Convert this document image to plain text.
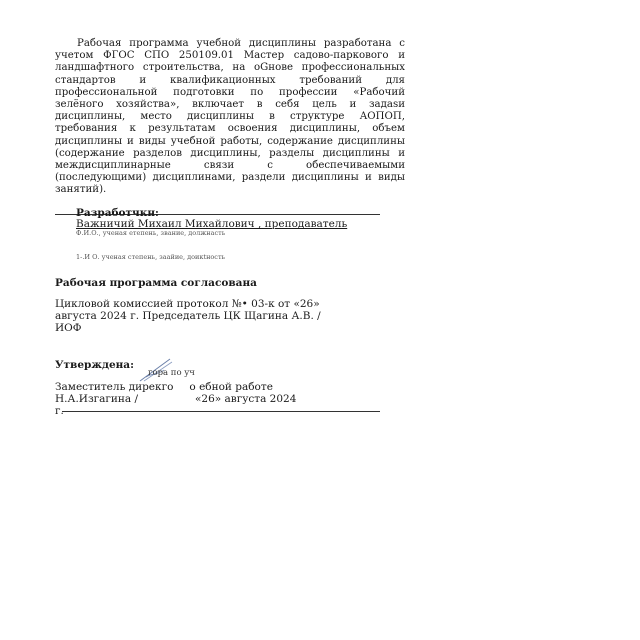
Рабочая программа учебной дисциплины разработана с учетом ФГОС СПО 250109.01 Мастер садово-паркового и ландшафтного строительства, на оGнове профессиональных стандартов и квалификационных требований для профессиональной подготовки по профессии «Рабочий зелёного хозяйства», включает в себя цель и задаsи дисциплины, место дисциплины в структуре АОПОП, требования к результатам освоения дисциплины, объем дисциплины и виды учебной работы, содержание дисциплины (содержание разделов дисциплины, разделы дисциплины и междисциплинарные связи с обеспечиваемыми (последующими) дисциплинами, раздели дисциплины и виды занятий).

Разработчкн:
Важничий Михаил Михайлович , преподаватель
Ф.И.О., ученая етепень, звание, должнасть
1-.И О. ученая степень, заайие, доикtность
Рабочая программа согласована

Цикловой комиссией протокол №• 03-к от «26» августа 2024 г. Председатель ЦК Щагина А.В. / ИОФ

Утверждена:
гора по уч
Заместитель дирекго о ебной работе
Н.А.Изгагина /	«26» августа 2024
г.
